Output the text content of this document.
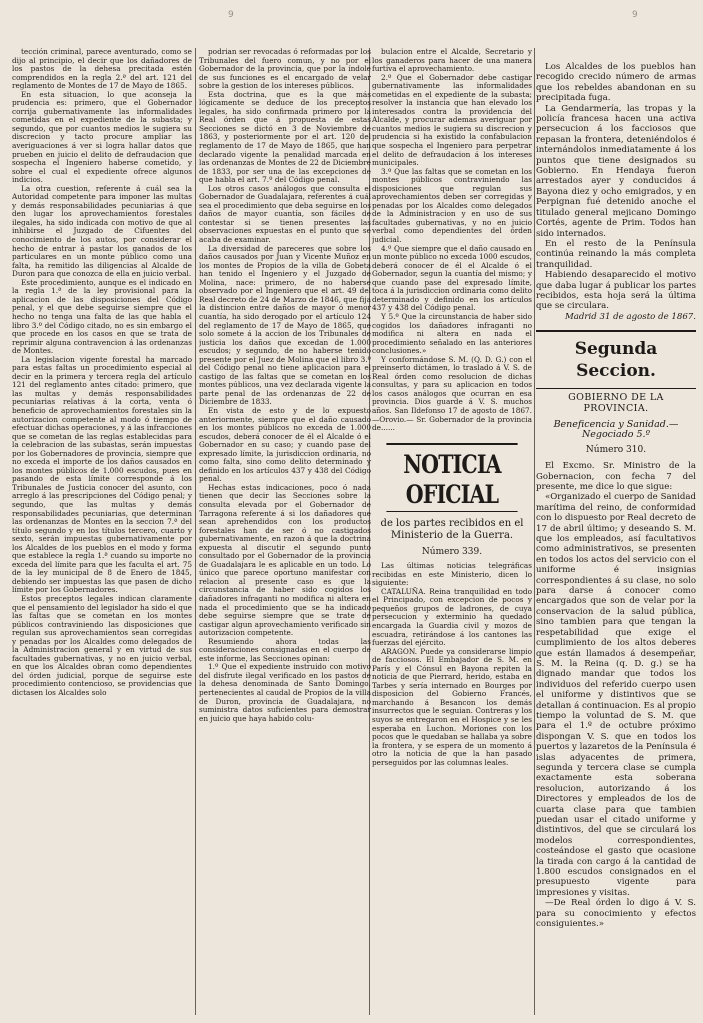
9	9

tección criminal, parece aventurado, como se dijo al principio, el decir que los dañadores de los pastos de la dehesa precitada estén comprendidos en la regla 2.ª del art. 121 del reglamento de Montes de 17 de Mayo de 1865.

En esta situacion, lo que aconseja la prudencia es: primero, que el Gobernador corrija gubernativamente las informalidades cometidas en el expediente de la subasta; y segundo, que por cuantos medios le sugiera su discrecion y tacto procure ampliar las averiguaciones á ver si logra hallar datos que prueben en juicio el delito de defraudacion que sospecha el Ingeniero haberse cometido, y sobre el cual el expediente ofrece algunos indicios.

La otra cuestion, referente á cuál sea la Autoridad competente para imponer las multas y demás responsabilidades pecuniarias á que den lugar los aprovechamientos forestales ilegales, ha sido indicada con motivo de que al inhibirse el Juzgado de Cifuentes del conocimiento de los autos, por considerar el hecho de entrar á pastar los ganados de los particulares en un monte público como una falta, ha remitido las diligencias al Alcalde de Duron para que conozca de ella en juicio verbal.

Este procedimiento, aunque es el indicado en la regla 1.ª de la ley provisional para la aplicacion de las disposiciones del Código penal, y el que debe seguirse siempre que el hecho no tenga una falta de las que habla el libro 3.º del Código citado, no es sin embargo el que procede en los casos en que se trata de reprimir alguna contravencion á las ordenanzas de Montes.

La legislacion vigente forestal ha marcado para estas faltas un procedimiento especial al decir en la primera y tercera regla del artículo 121 del reglamento antes citado: primero, que las multas y demás responsabilidades pecuniarias relativas á la corta, venta ó beneficio de aprovechamientos forestales sin la autorizacion competente al modo ó tiempo de efectuar dichas operaciones, y á las infracciones que se cometan de las reglas establecidas para la celebracion de las subastas, serán impuestas por los Gobernadores de provincia, siempre que no exceda el importe de los daños causados en los montes públicos de 1.000 escudos, pues en pasando de esta límite corresponde á los Tribunales de Justicia conocer del asunto, con arreglo á las prescripciones del Código penal; y segundo, que las multas y demás responsabilidades pecuniarias, que determinan las ordenanzas de Montes en la seccion 7.ª del título segundo y en los títulos tercero, cuarto y sexto, serán impuestas gubernativamente por los Alcaldes de los pueblos en el modo y forma que establece la regla 1.ª cuando su importe no exceda del límite para que les faculta el art. 75 de la ley municipal de 8 de Enero de 1845, debiendo ser impuestas las que pasen de dicho límite por los Gobernadores.

Estos preceptos legales indican claramente que el pensamiento del legislador ha sido el que las faltas que se cometan en los montes públicos contraviniendo las disposiciones que regulan sus aprovechamientos sean corregidas y penadas por los Alcaldes como delegados de la Administracion general y en virtud de sus facultades gubernativas, y no en juicio verbal, en que los Alcaldes obran como dependientes del órden judicial, porque de seguirse este procedimiento contencioso, se providencias que dictasen los Alcaldes solo

podrian ser revocadas ó reformadas por los Tribunales del fuero comun, y no por el Gobernador de la provincia, que por la índole de sus funciones es el encargado de velar sobre la gestion de los intereses públicos.

Esta doctrina, que es la que más lógicamente se deduce de los preceptos legales, ha sido confirmada primero por la Real órden que á propuesta de estas Secciones se dictó en 3 de Noviembre de 1863, y posteriormente por el art. 120 del reglamento de 17 de Mayo de 1865, que han declarado vigente la penalidad marcada en las ordenanzas de Montes de 22 de Diciembre de 1833, por ser una de las excepciones de que habla el art. 7.º del Código penal.

Los otros casos análogos que consulta el Gobernador de Guadalajara, referentes á cuál sea el procedimiento que deba seguirse en los daños de mayor cuantía, son fáciles de contestar si se tienen presentes las observaciones expuestas en el punto que se acaba de examinar.

La diversidad de pareceres que sobre los daños causados por Juan y Vicente Muñoz en los montes de Propios de la villa de Gobeta han tenido el Ingeniero y el Juzgado de Molina, nace: primero, de no haberse observado por el Ingeniero que el art. 49 del Real decreto de 24 de Marzo de 1846, que fija la distincion entre daños de mayor ó menor cuantía, ha sido derogado por el artículo 124 del reglamento de 17 de Mayo de 1865, que solo somete á la accion de los Tribunales de justicia los daños que excedan de 1.000 escudos; y segundo, de no haberse tenido presente por el Juez de Molina que el libro 3.º del Código penal no tiene aplicacion para el castigo de las faltas que se cometan en los montes públicos, una vez declarada vigente la parte penal de las ordenanzas de 22 de Diciembre de 1833.

En vista de esto y de lo expuesto anteriormente, siempre que el daño causado en los montes públicos no exceda de 1.000 escudos, deberá conocer de él el Alcalde ó el Gobernador en su caso; y cuando pase del expresado límite, la jurisdiccion ordinaria, no como falta, sino como delito determinado y definido en los artículos 437 y 438 del Código penal.

Hechas estas indicaciones, poco ó nada tienen que decir las Secciones sobre la consulta elevada por el Gobernador de Tarragona referente á si los dañadores que sean aprehendidos con los productos forestales han de ser ó no castigados gubernativamente, en razon á que la doctrina expuesta al discutir el segundo punto consultado por el Gobernador de la provincia de Guadalajara le es aplicable en un todo. Lo único que parece oportuno manifestar con relacion al presente caso es que la circunstancia de haber sido cogidos los dañadores infraganti no modifica ni altera en nada el procedimiento que se ha indicado debe seguirse siempre que se trate de castigar algun aprovechamiento verificado sin autorizacion competente.

Resumiendo ahora todas las consideraciones consignadas en el cuerpo de este informe, las Secciones opinan:

1.º Que el expediente instruido con motivo del disfrute ilegal verificado en los pastos de la dehesa denominada de Santo Domingo, pertenecientes al caudal de Propios de la villa de Duron, provincia de Guadalajara, no suministra datos suficientes para demostrar en juicio que haya habido colu-

bulacion entre el Alcalde, Secretario y los ganaderos para hacer de una manera furtiva el aprovechamiento.

2.º Que el Gobernador debe castigar gubernativamente las informalidades cometidas en el expediente de la subasta; resolver la instancia que han elevado los interesados contra la providencia del Alcalde, y procurar ademas averiguar por cuantos medios le sugiera su discrecion y prudencia si ha existido la confabulacion que sospecha el Ingeniero para perpetrar el delito de defraudacion á los intereses municipales.

3.º Que las faltas que se cometan en los montes públicos contraviniendo las disposiciones que regulan sus aprovechamientos deben ser corregidas y penadas por los Alcaldes como delegados de la Administracion y en uso de sus facultades gubernativas, y no en juicio verbal como dependientes del órden judicial.

4.º Que siempre que el daño causado en un monte público no exceda 1000 escudos, deberá conocer de él el Alcalde ó el Gobernador, segun la cuantía del mismo; y que cuando pase del expresado límite, toca á la jurisdiccion ordinaria como delito determinado y definido en los artículos 437 y 438 del Código penal.

Y 5.º Que la circunstancia de haber sido cogidos los dañadores infraganti no modifica ni altera en nada el procedimiento señalado en las anteriores conclusiones.»

Y conformándose S. M. (Q. D. G.) con el preinserto dictámen, lo traslado á V. S. de Real órden como resolucion de dichas consultas, y para su aplicacion en todos los casos análogos que ocurran en esa provincia. Dios guarde á V. S. muchos años. San Ildefonso 17 de agosto de 1867. —Orovio.— Sr. Gobernador de la provincia de......

NOTICIA OFICIAL
de los partes recibidos en el Ministerio de la Guerra.
Número 339.

Las últimas noticias telegráficas recibidas en este Ministerio, dicen lo siguiente:

CATALUÑA. Reina tranquilidad en todo el Principado, con excepcion de pocos y pequeños grupos de ladrones, de cuya persecucion y exterminio ha quedado encargada la Guardia civil y mozos de escuadra, retirándose á los cantones las fuerzas del ejército.

ARAGON. Puede ya considerarse limpio de facciosos. El Embajador de S. M. en París y el Cónsul en Bayona repiten la noticia de que Pierrard, herido, estaba en Tarbes y sería internado en Bourges por disposicion del Gobierno Francés, marchando á Besancon los demás insurrectos que le seguian. Contreras y los suyos se entregaron en el Hospice y se les esperaba en Luchon. Moriones con los pocos que le quedaban se hallaba ya sobre la frontera, y se espera de un momento á otro la noticia de que la han pasado perseguidos por las columnas leales.

Los Alcaldes de los pueblos han recogido crecido número de armas que los rebeldes abandonan en su precipitada fuga.

La Gendarmería, las tropas y la policía francesa hacen una activa persecucion á los facciosos que repasan la frontera, deteniéndolos é internándolos inmediatamente á los puntos que tiene designados su Gobierno. En Hendaya fueron arrestados ayer y conducidos á Bayona diez y ocho emigrados, y en Perpignan fué detenido anoche el titulado general mejicano Domingo Cortés, agente de Prim. Todos han sido internados.

En el resto de la Península continúa reinando la más completa tranquilidad.

Habiendo desaparecido el motivo que daba lugar á publicar los partes recibidos, esta hoja será la última que se circulara.

Madrid 31 de agosto de 1867.

Segunda Seccion.
GOBIERNO DE LA PROVINCIA.
Beneficencia y Sanidad.—Negociado 5.º
Número 310.

El Excmo. Sr. Ministro de la Gobernacion, con fecha 7 del presente, me dice lo que sigue:

«Organizado el cuerpo de Sanidad marítima del reino, de conformidad con lo dispuesto por Real decreto de 17 de abril último; y deseando S. M. que los empleados, así facultativos como administrativos, se presenten en todos los actos del servicio con el uniforme é insignias correspondientes á su clase, no solo para darse á conocer como encargados que son de velar por la conservacion de la salud pública, sino tambien para que tengan la respetabilidad que exige el cumplimiento de los altos deberes que están llamados á desempeñar, S. M. la Reina (q. D. g.) se ha dignado mandar que todos los individuos del referido cuerpo usen el uniforme y distintivos que se detallan á continuacion. Es al propio tiempo la voluntad de S. M. que para el 1.º de octubre próximo dispongan V. S. que en todos los puertos y lazaretos de la Península é islas adyacentes de primera, segunda y tercera clase se cumpla exactamente esta soberana resolucion, autorizando á los Directores y empleados de los de cuarta clase para que tambien puedan usar el citado uniforme y distintivos, del que se circulará los modelos correspondientes, costeándose el gasto que ocasione la tirada con cargo á la cantidad de 1.800 escudos consignados en el presupuesto vigente para impresiones y visitas.

—De Real órden lo digo á V. S. para su conocimiento y efectos consiguientes.»
